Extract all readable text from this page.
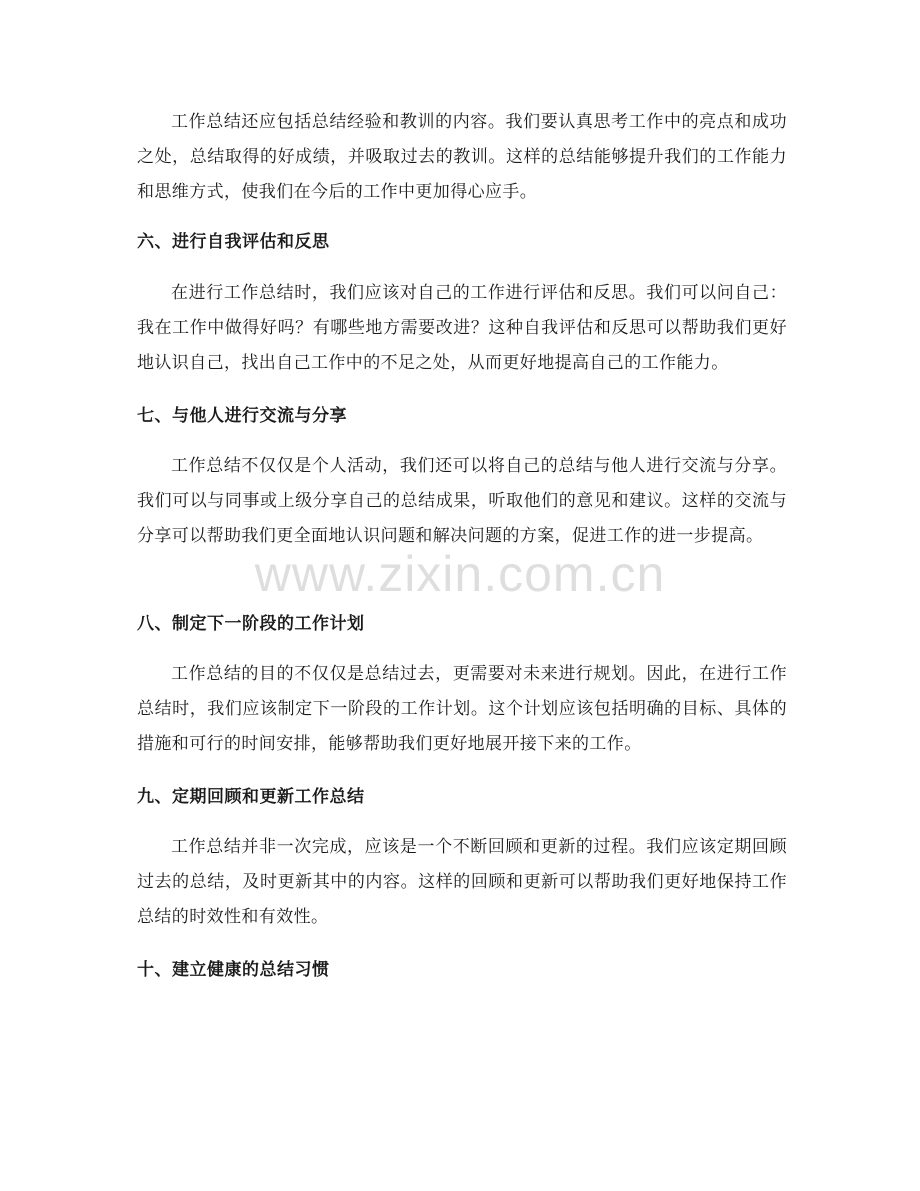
工作总结还应包括总结经验和教训的内容。我们要认真思考工作中的亮点和成功之处，总结取得的好成绩，并吸取过去的教训。这样的总结能够提升我们的工作能力和思维方式，使我们在今后的工作中更加得心应手。

六、进行自我评估和反思

在进行工作总结时，我们应该对自己的工作进行评估和反思。我们可以问自己：我在工作中做得好吗？有哪些地方需要改进？这种自我评估和反思可以帮助我们更好地认识自己，找出自己工作中的不足之处，从而更好地提高自己的工作能力。

七、与他人进行交流与分享

工作总结不仅仅是个人活动，我们还可以将自己的总结与他人进行交流与分享。我们可以与同事或上级分享自己的总结成果，听取他们的意见和建议。这样的交流与分享可以帮助我们更全面地认识问题和解决问题的方案，促进工作的进一步提高。

八、制定下一阶段的工作计划

工作总结的目的不仅仅是总结过去，更需要对未来进行规划。因此，在进行工作总结时，我们应该制定下一阶段的工作计划。这个计划应该包括明确的目标、具体的措施和可行的时间安排，能够帮助我们更好地展开接下来的工作。

九、定期回顾和更新工作总结

工作总结并非一次完成，应该是一个不断回顾和更新的过程。我们应该定期回顾过去的总结，及时更新其中的内容。这样的回顾和更新可以帮助我们更好地保持工作总结的时效性和有效性。

十、建立健康的总结习惯
www.zixin.com.cn
